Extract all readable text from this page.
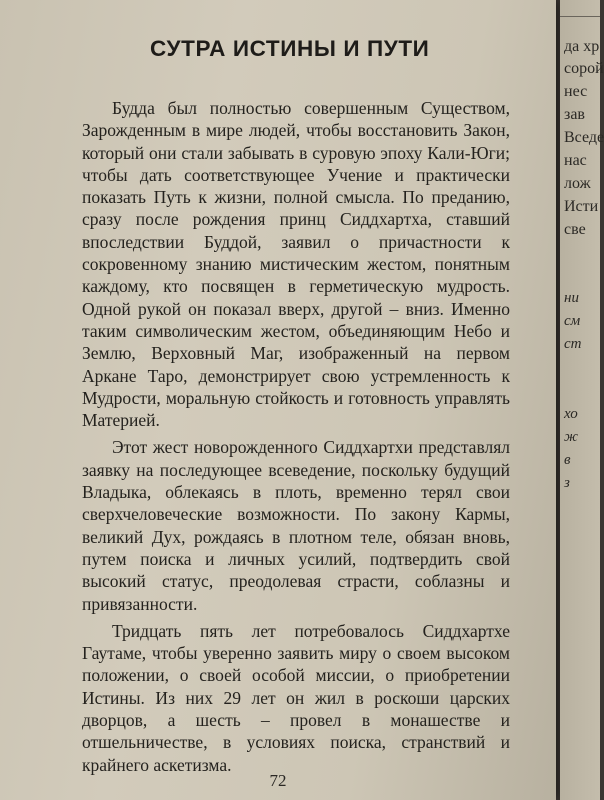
СУТРА ИСТИНЫ И ПУТИ

Будда был полностью совершенным Существом, Зарожденным в мире людей, чтобы восстановить Закон, который они стали забывать в суровую эпоху Кали-Юги; чтобы дать соответствующее Учение и практически показать Путь к жизни, полной смысла. По преданию, сразу после рождения принц Сиддхартха, ставший впоследствии Буддой, заявил о причастности к сокровенному знанию мистическим жестом, понятным каждому, кто посвящен в герметическую мудрость. Одной рукой он показал вверх, другой – вниз. Именно таким символическим жестом, объединяющим Небо и Землю, Верховный Маг, изображенный на первом Аркане Таро, демонстрирует свою устремленность к Мудрости, моральную стойкость и готовность управлять Материей.

Этот жест новорожденного Сиддхартхи представлял заявку на последующее всеведение, поскольку будущий Владыка, облекаясь в плоть, временно терял свои сверхчеловеческие возможности. По закону Кармы, великий Дух, рождаясь в плотном теле, обязан вновь, путем поиска и личных усилий, подтвердить свой высокий статус, преодолевая страсти, соблазны и привязанности.

Тридцать пять лет потребовалось Сиддхартхе Гаутаме, чтобы уверенно заявить миру о своем высоком положении, о своей особой миссии, о приобретении Истины. Из них 29 лет он жил в роскоши царских дворцов, а шесть – провел в монашестве и отшельничестве, в условиях поиска, странствий и крайнего аскетизма.

72
да хр
сорой
нес
зав
Вседе
нас
лож
Исти
све
ни
см
ст
хо
ж
в
з
